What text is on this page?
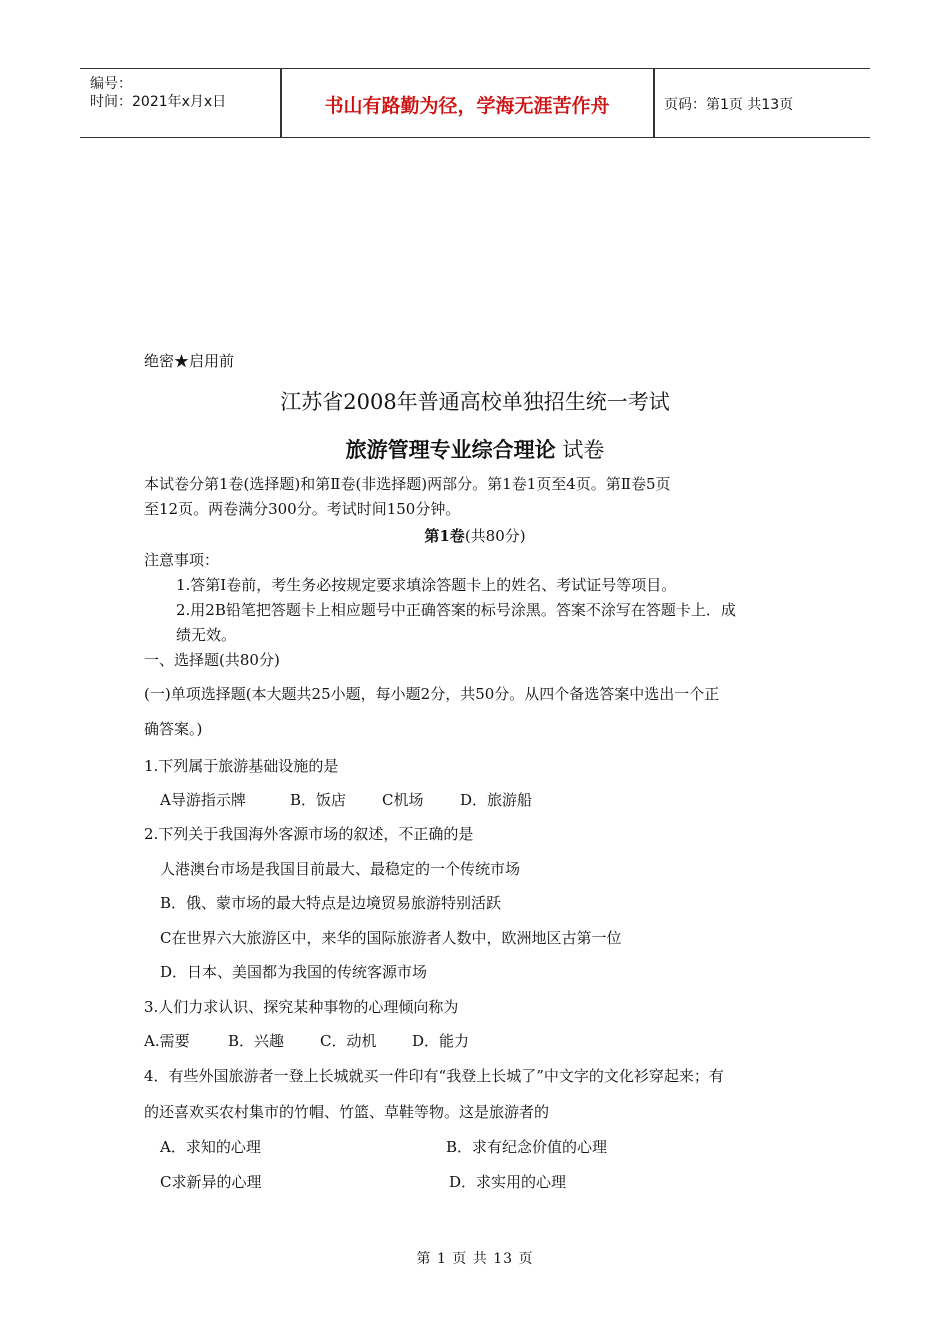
编号：
时间：2021年x月x日	书山有路勤为径，学海无涯苦作舟	页码：第1页 共13页
绝密★启用前
江苏省2008年普通高校单独招生统一考试
旅游管理专业综合理论 试卷
本试卷分第1卷(选择题)和第Ⅱ卷(非选择题)两部分。第1卷1页至4页。第Ⅱ卷5页
至12页。两卷满分300分。考试时间150分钟。
第1卷(共80分)
注意事项：
1.答第Ⅰ卷前，考生务必按规定要求填涂答题卡上的姓名、考试证号等项目。
2.用2B铅笔把答题卡上相应题号中正确答案的标号涂黑。答案不涂写在答题卡上．成
绩无效。
一、选择题(共80分)
(一)单项选择题(本大题共25小题，每小题2分，共50分。从四个备选答案中选出一个正
确答案。)
1.下列属于旅游基础设施的是
A导游指示牌	B．饭店 C机场 D．旅游船
2.下列关于我国海外客源市场的叙述，不正确的是
人港澳台市场是我国目前最大、最稳定的一个传统市场
B．俄、蒙市场的最大特点是边境贸易旅游特别活跃
C在世界六大旅游区中，来华的国际旅游者人数中，欧洲地区古第一位
D．日本、美国都为我国的传统客源市场
3.人们力求认识、探究某种事物的心理倾向称为
A.需要	B．兴趣 C．动机 D．能力
4．有些外国旅游者一登上长城就买一件印有“我登上长城了”中文字的文化衫穿起来；有
的还喜欢买农村集市的竹帽、竹篮、草鞋等物。这是旅游者的
A．求知的心理	B．求有纪念价值的心理
C求新异的心理	D．求实用的心理
第 1 页 共 13 页
